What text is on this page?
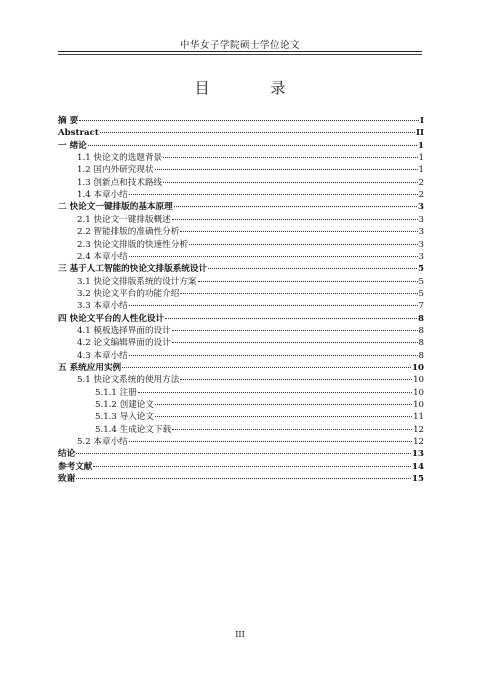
中华女子学院硕士学位论文
目 录
摘 要	I
Abstract	II
一 绪论	1
1.1 快论文的选题背景	1
1.2 国内外研究现状	1
1.3 创新点和技术路线	2
1.4 本章小结	2
二 快论文一键排版的基本原理	3
2.1 快论文一键排版概述	3
2.2 智能排版的准确性分析	3
2.3 快论文排版的快速性分析	3
2.4 本章小结	3
三 基于人工智能的快论文排版系统设计	5
3.1 快论文排版系统的设计方案	5
3.2 快论文平台的功能介绍	5
3.3 本章小结	7
四 快论文平台的人性化设计	8
4.1 模板选择界面的设计	8
4.2 论文编辑界面的设计	8
4.3 本章小结	8
五 系统应用实例	10
5.1 快论文系统的使用方法	10
5.1.1 注册	10
5.1.2 创建论文	10
5.1.3 导入论文	11
5.1.4 生成论文下载	12
5.2 本章小结	12
结论	13
参考文献	14
致谢	15
III
